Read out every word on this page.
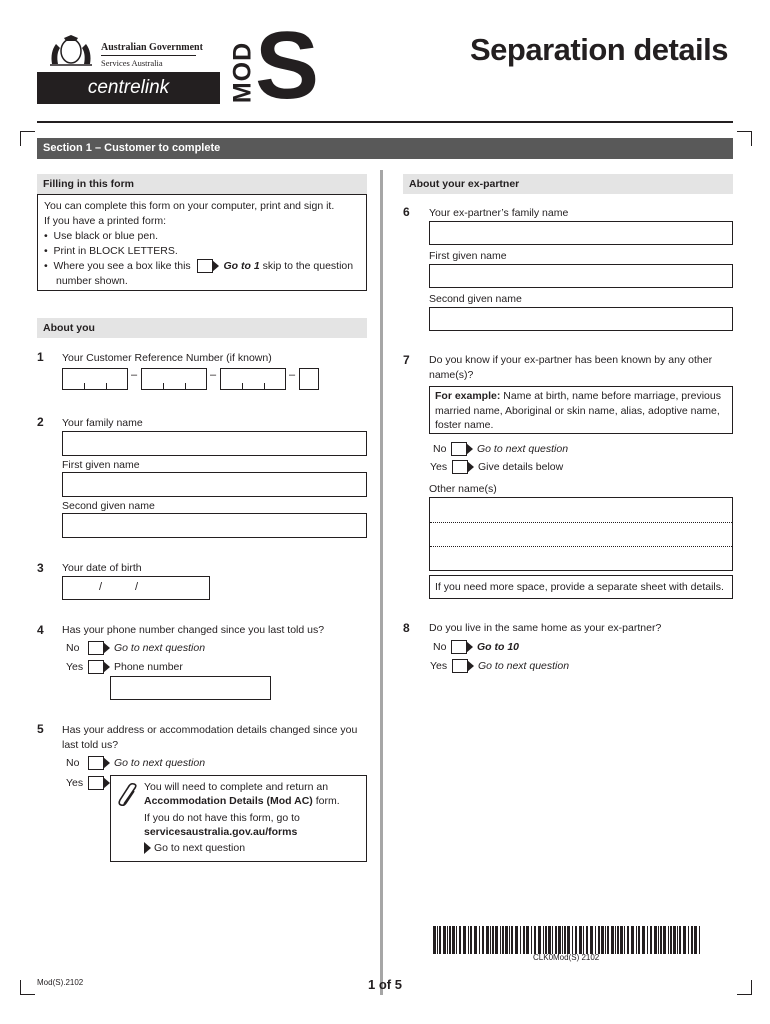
Australian Government
Services Australia
centrelink MOD
S	Separation details
Section 1 – Customer to complete
Filling in this form
You can complete this form on your computer, print and sign it.
If you have a printed form:
•  Use black or blue pen.
•  Print in BLOCK LETTERS.
•  Where you see a box like this	Go to 1 skip to the question
number shown.
About you
1 Your Customer Reference Number (if known)
–	–	–
2 Your family name
First given name
Second given name
3 Your date of birth
/	/
4 Has your phone number changed since you last told us?
No	Go to next question
Yes	Phone number
5 Has your address or accommodation details changed since you
last told us?
No	Go to next question
Yes	You will need to complete and return an
Accommodation Details (Mod AC) form.
If you do not have this form, go to
servicesaustralia.gov.au/forms
Go to next question
About your ex-partner
6 Your ex-partner’s family name
First given name
Second given name
7 Do you know if your ex-partner has been known by any other
name(s)?
For example: Name at birth, name before marriage, previous
married name, Aboriginal or skin name, alias, adoptive name,
foster name.
No	Go to next question
Yes	Give details below
Other name(s)
If you need more space, provide a separate sheet with details.
8 Do you live in the same home as your ex-partner?
No	Go to 10
Yes	Go to next question
CLK0Mod(S) 2102
Mod(S).2102	1 of 5
